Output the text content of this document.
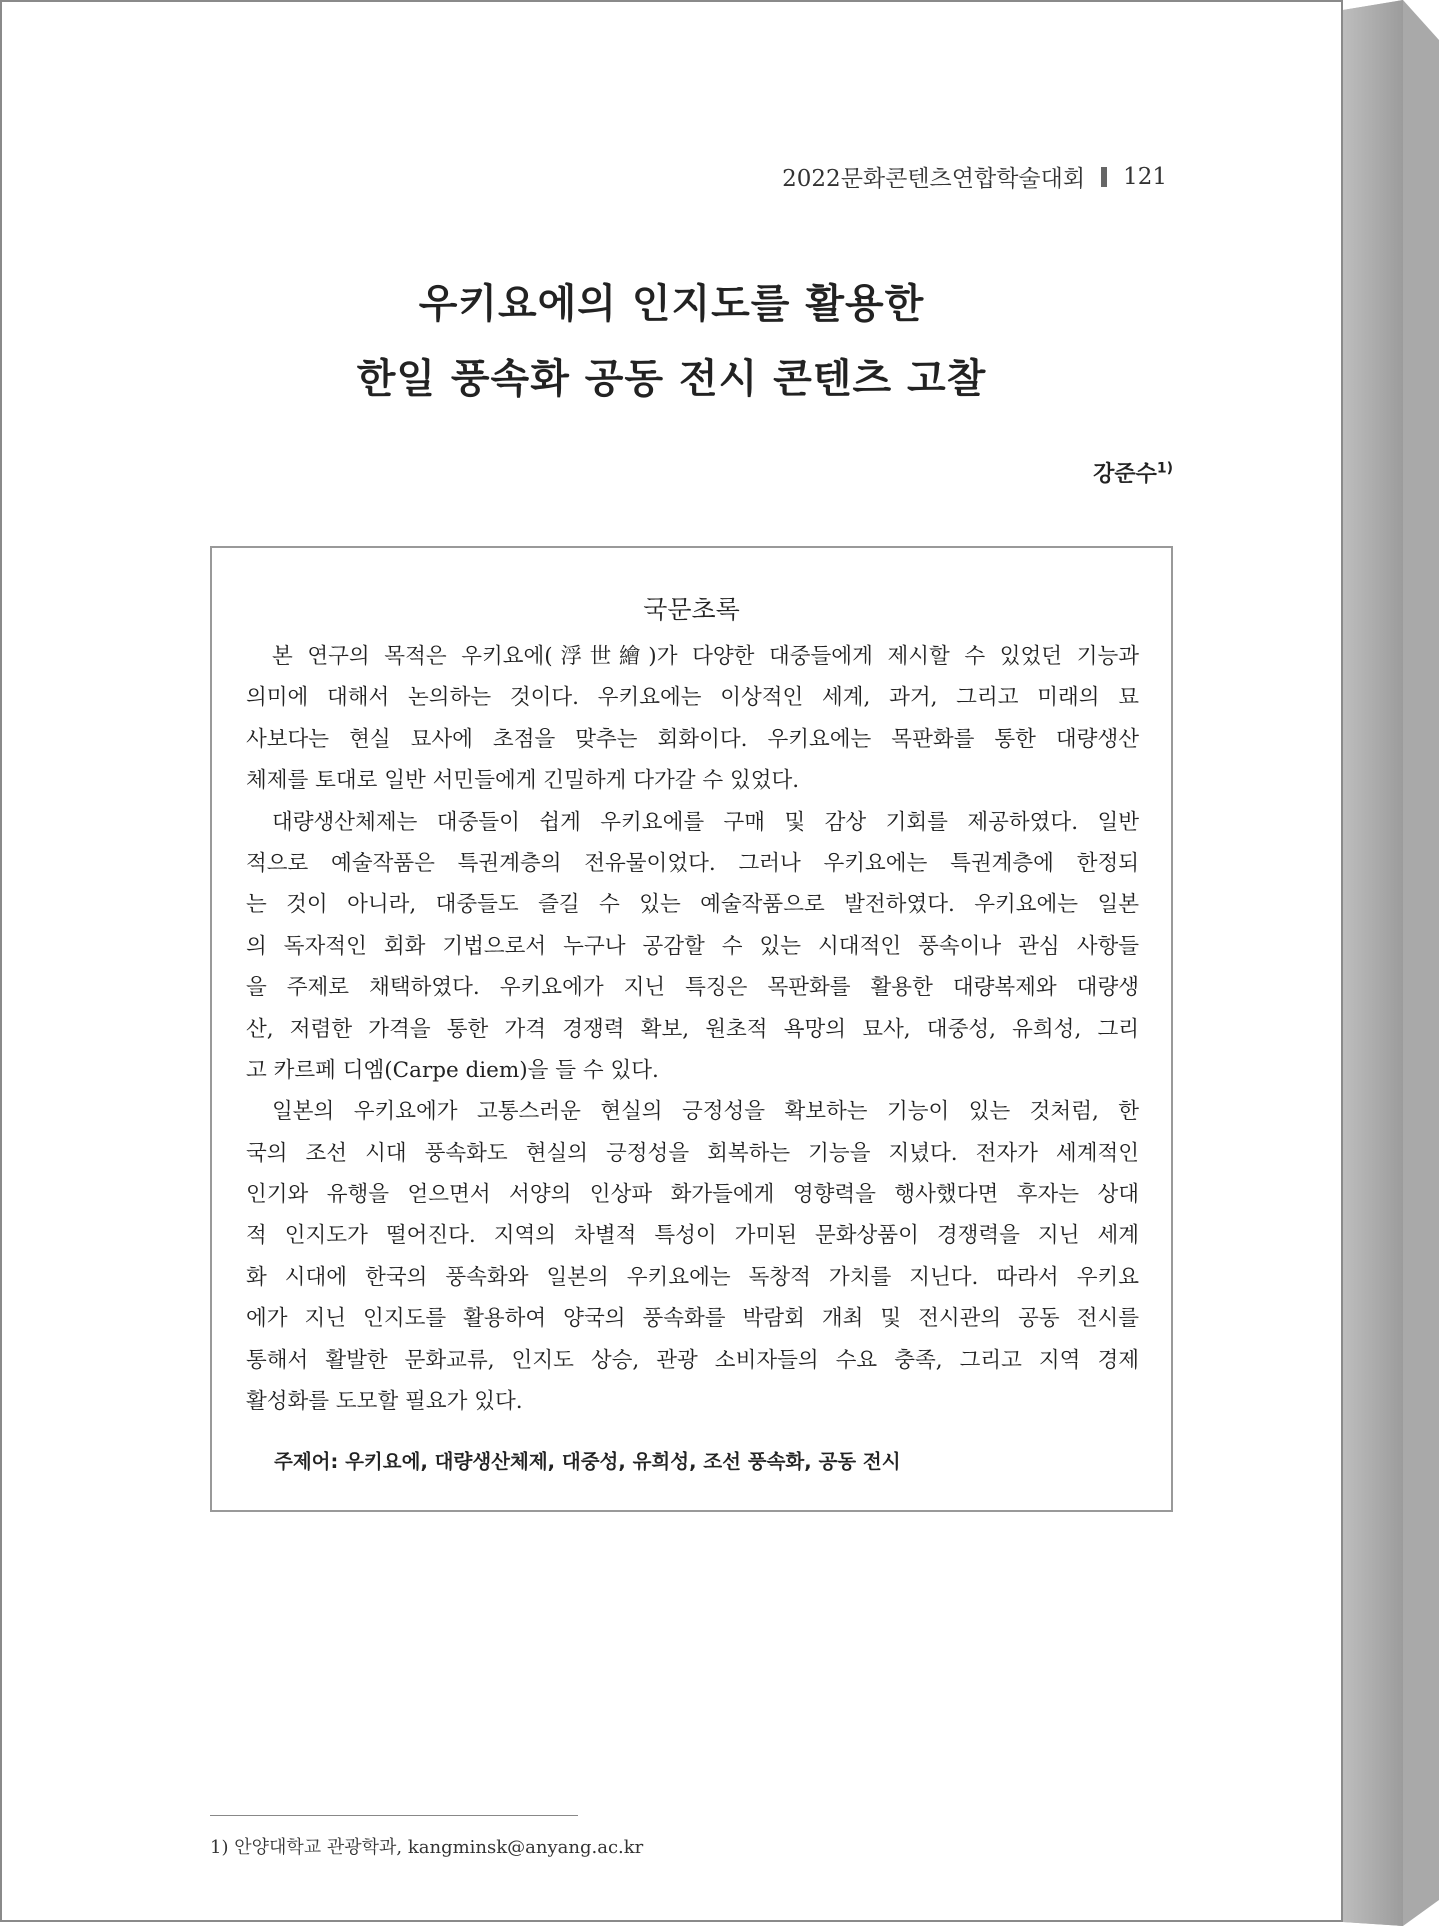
2022문화콘텐츠연합학술대회 121
우키요에의 인지도를 활용한
한일 풍속화 공동 전시 콘텐츠 고찰
강준수$^{1)}$
국문초록
본 연구의 목적은 우키요에(浮世繪)가 다양한 대중들에게 제시할 수 있었던 기능과
의미에 대해서 논의하는 것이다. 우키요에는 이상적인 세계, 과거, 그리고 미래의 묘
사보다는 현실 묘사에 초점을 맞추는 회화이다. 우키요에는 목판화를 통한 대량생산
체제를 토대로 일반 서민들에게 긴밀하게 다가갈 수 있었다.
대량생산체제는 대중들이 쉽게 우키요에를 구매 및 감상 기회를 제공하였다. 일반
적으로 예술작품은 특권계층의 전유물이었다. 그러나 우키요에는 특권계층에 한정되
는 것이 아니라, 대중들도 즐길 수 있는 예술작품으로 발전하였다. 우키요에는 일본
의 독자적인 회화 기법으로서 누구나 공감할 수 있는 시대적인 풍속이나 관심 사항들
을 주제로 채택하였다. 우키요에가 지닌 특징은 목판화를 활용한 대량복제와 대량생
산, 저렴한 가격을 통한 가격 경쟁력 확보, 원초적 욕망의 묘사, 대중성, 유희성, 그리
고 카르페 디엠(Carpe diem)을 들 수 있다.
일본의 우키요에가 고통스러운 현실의 긍정성을 확보하는 기능이 있는 것처럼, 한
국의 조선 시대 풍속화도 현실의 긍정성을 회복하는 기능을 지녔다. 전자가 세계적인
인기와 유행을 얻으면서 서양의 인상파 화가들에게 영향력을 행사했다면 후자는 상대
적 인지도가 떨어진다. 지역의 차별적 특성이 가미된 문화상품이 경쟁력을 지닌 세계
화 시대에 한국의 풍속화와 일본의 우키요에는 독창적 가치를 지닌다. 따라서 우키요
에가 지닌 인지도를 활용하여 양국의 풍속화를 박람회 개최 및 전시관의 공동 전시를
통해서 활발한 문화교류, 인지도 상승, 관광 소비자들의 수요 충족, 그리고 지역 경제
활성화를 도모할 필요가 있다.
주제어: 우키요에, 대량생산체제, 대중성, 유희성, 조선 풍속화, 공동 전시
1) 안양대학교 관광학과, kangminsk@anyang.ac.kr
